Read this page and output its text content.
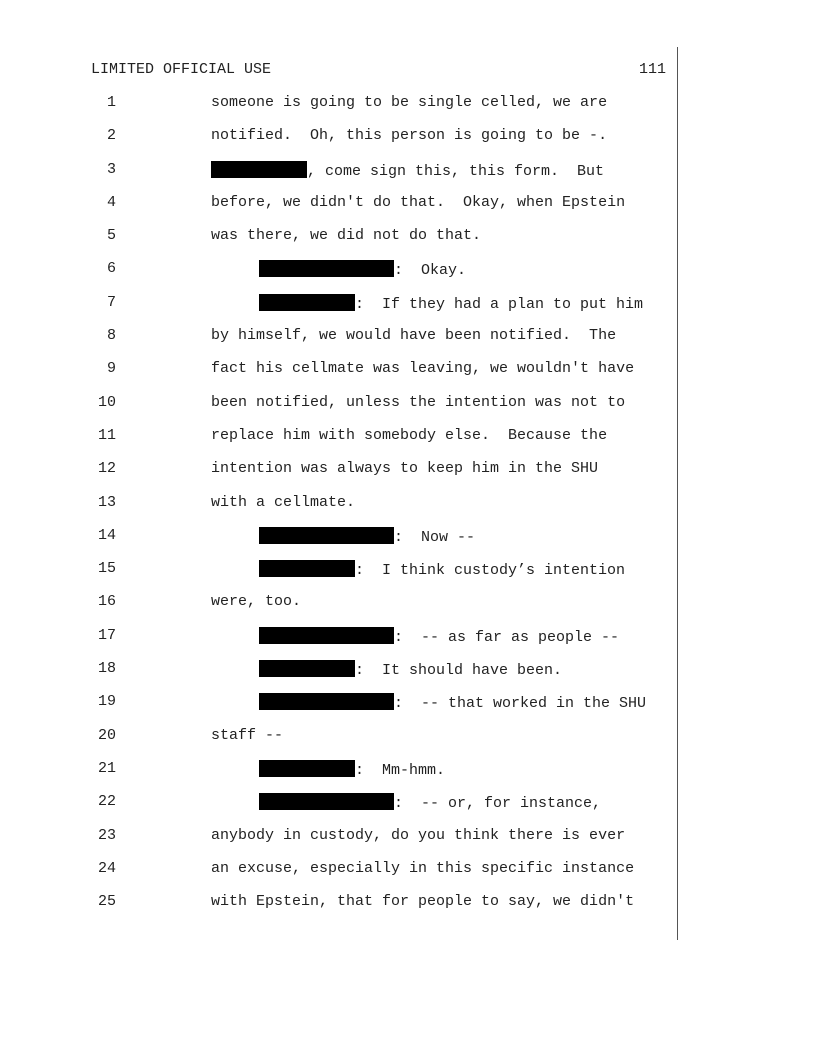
LIMITED OFFICIAL USE	111
1	someone is going to be single celled, we are
2	notified.  Oh, this person is going to be -.
3	, come sign this, this form.  But
4	before, we didn't do that.  Okay, when Epstein
5	was there, we did not do that.
6	:  Okay.
7	:  If they had a plan to put him
8	by himself, we would have been notified.  The
9	fact his cellmate was leaving, we wouldn't have
10	been notified, unless the intention was not to
11	replace him with somebody else.  Because the
12	intention was always to keep him in the SHU
13	with a cellmate.
14	:  Now --
15	:  I think custody’s intention
16	were, too.
17	:  -- as far as people --
18	:  It should have been.
19	:  -- that worked in the SHU
20	staff --
21	:  Mm-hmm.
22	:  -- or, for instance,
23	anybody in custody, do you think there is ever
24	an excuse, especially in this specific instance
25	with Epstein, that for people to say, we didn't
